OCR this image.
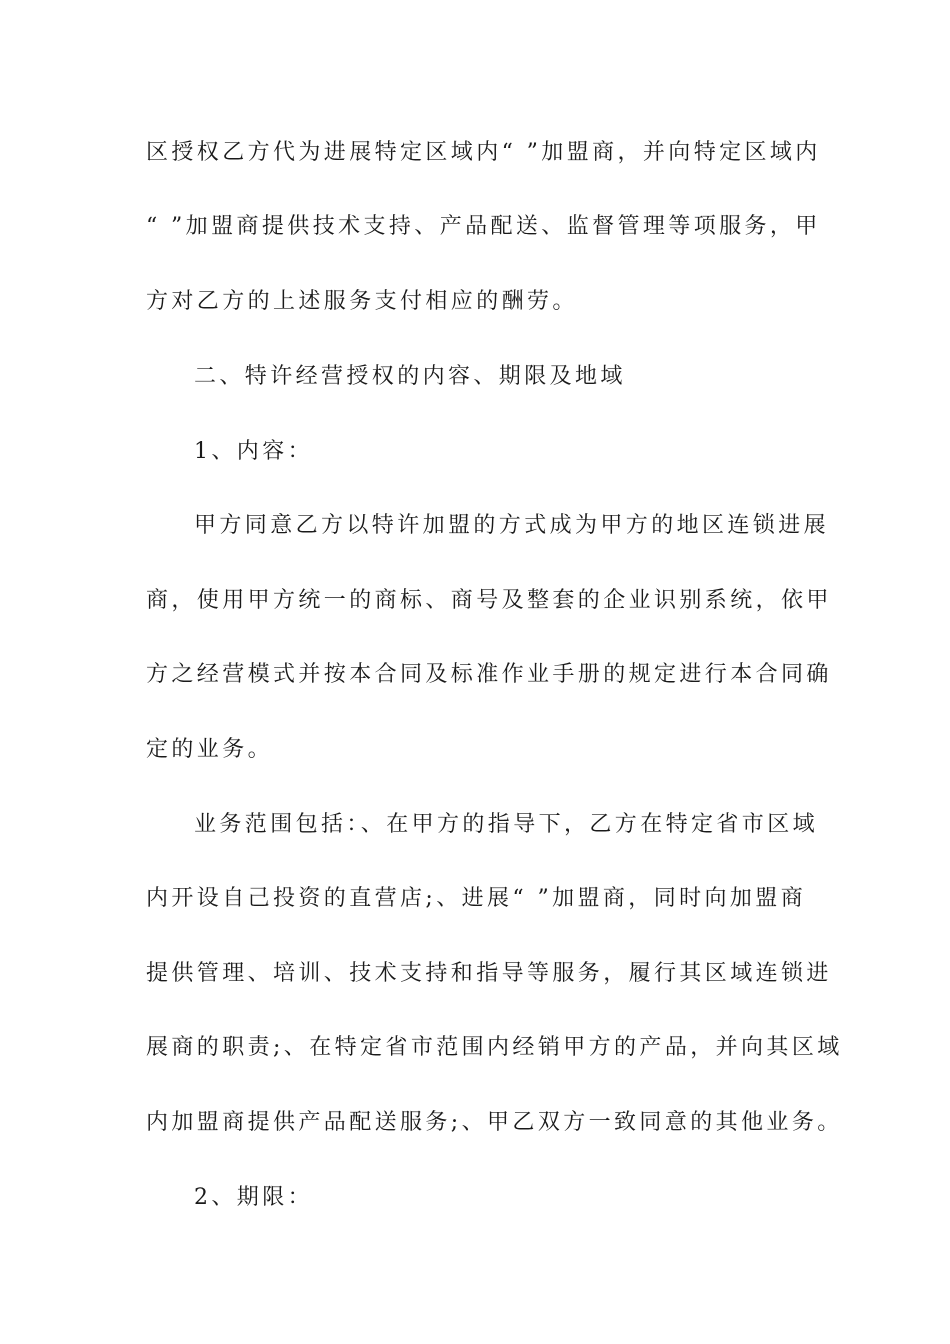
区授权乙方代为进展特定区域内“ ”加盟商，并向特定区域内
“ ”加盟商提供技术支持、产品配送、监督管理等项服务，甲
方对乙方的上述服务支付相应的酬劳。
二、特许经营授权的内容、期限及地域
1、内容：
甲方同意乙方以特许加盟的方式成为甲方的地区连锁进展
商，使用甲方统一的商标、商号及整套的企业识别系统，依甲
方之经营模式并按本合同及标准作业手册的规定进行本合同确
定的业务。
业务范围包括：、在甲方的指导下，乙方在特定省市区域
内开设自己投资的直营店;、进展“ ”加盟商，同时向加盟商
提供管理、培训、技术支持和指导等服务，履行其区域连锁进
展商的职责;、在特定省市范围内经销甲方的产品，并向其区域
内加盟商提供产品配送服务;、甲乙双方一致同意的其他业务。
2、期限：
